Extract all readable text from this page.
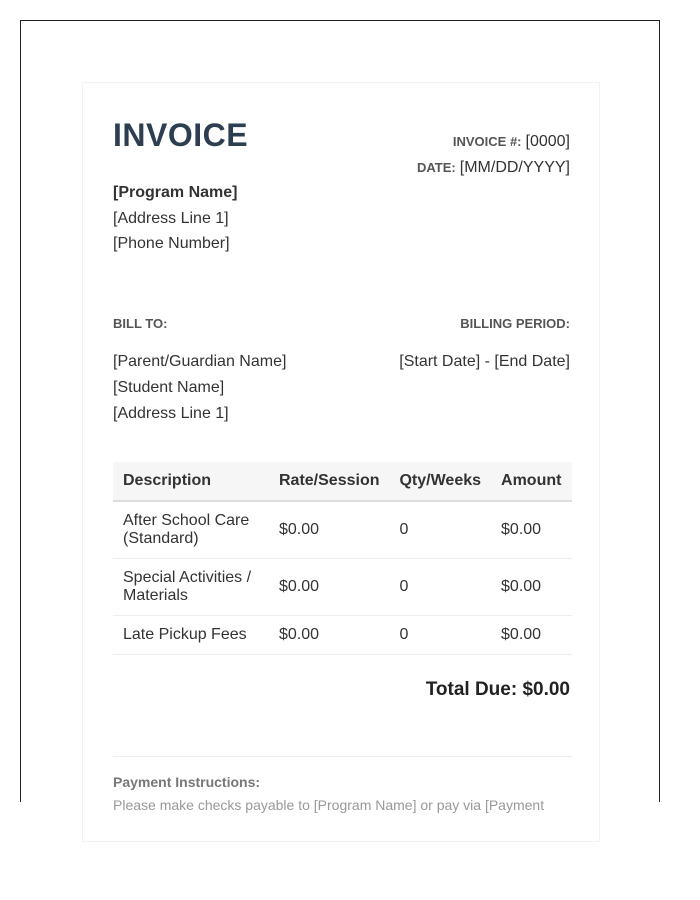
INVOICE	INVOICE #: [0000]
DATE: [MM/DD/YYYY]
[Program Name]
[Address Line 1]
[Phone Number]
BILL TO:	BILLING PERIOD:
[Parent/Guardian Name]
[Student Name]
[Address Line 1]
[Start Date] - [End Date]
Description	Rate/Session	Qty/Weeks	Amount
After School Care (Standard)	$0.00	0	$0.00
Special Activities / Materials	$0.00	0	$0.00
Late Pickup Fees	$0.00	0	$0.00
Total Due: $0.00
Payment Instructions:
Please make checks payable to [Program Name] or pay via [Payment
